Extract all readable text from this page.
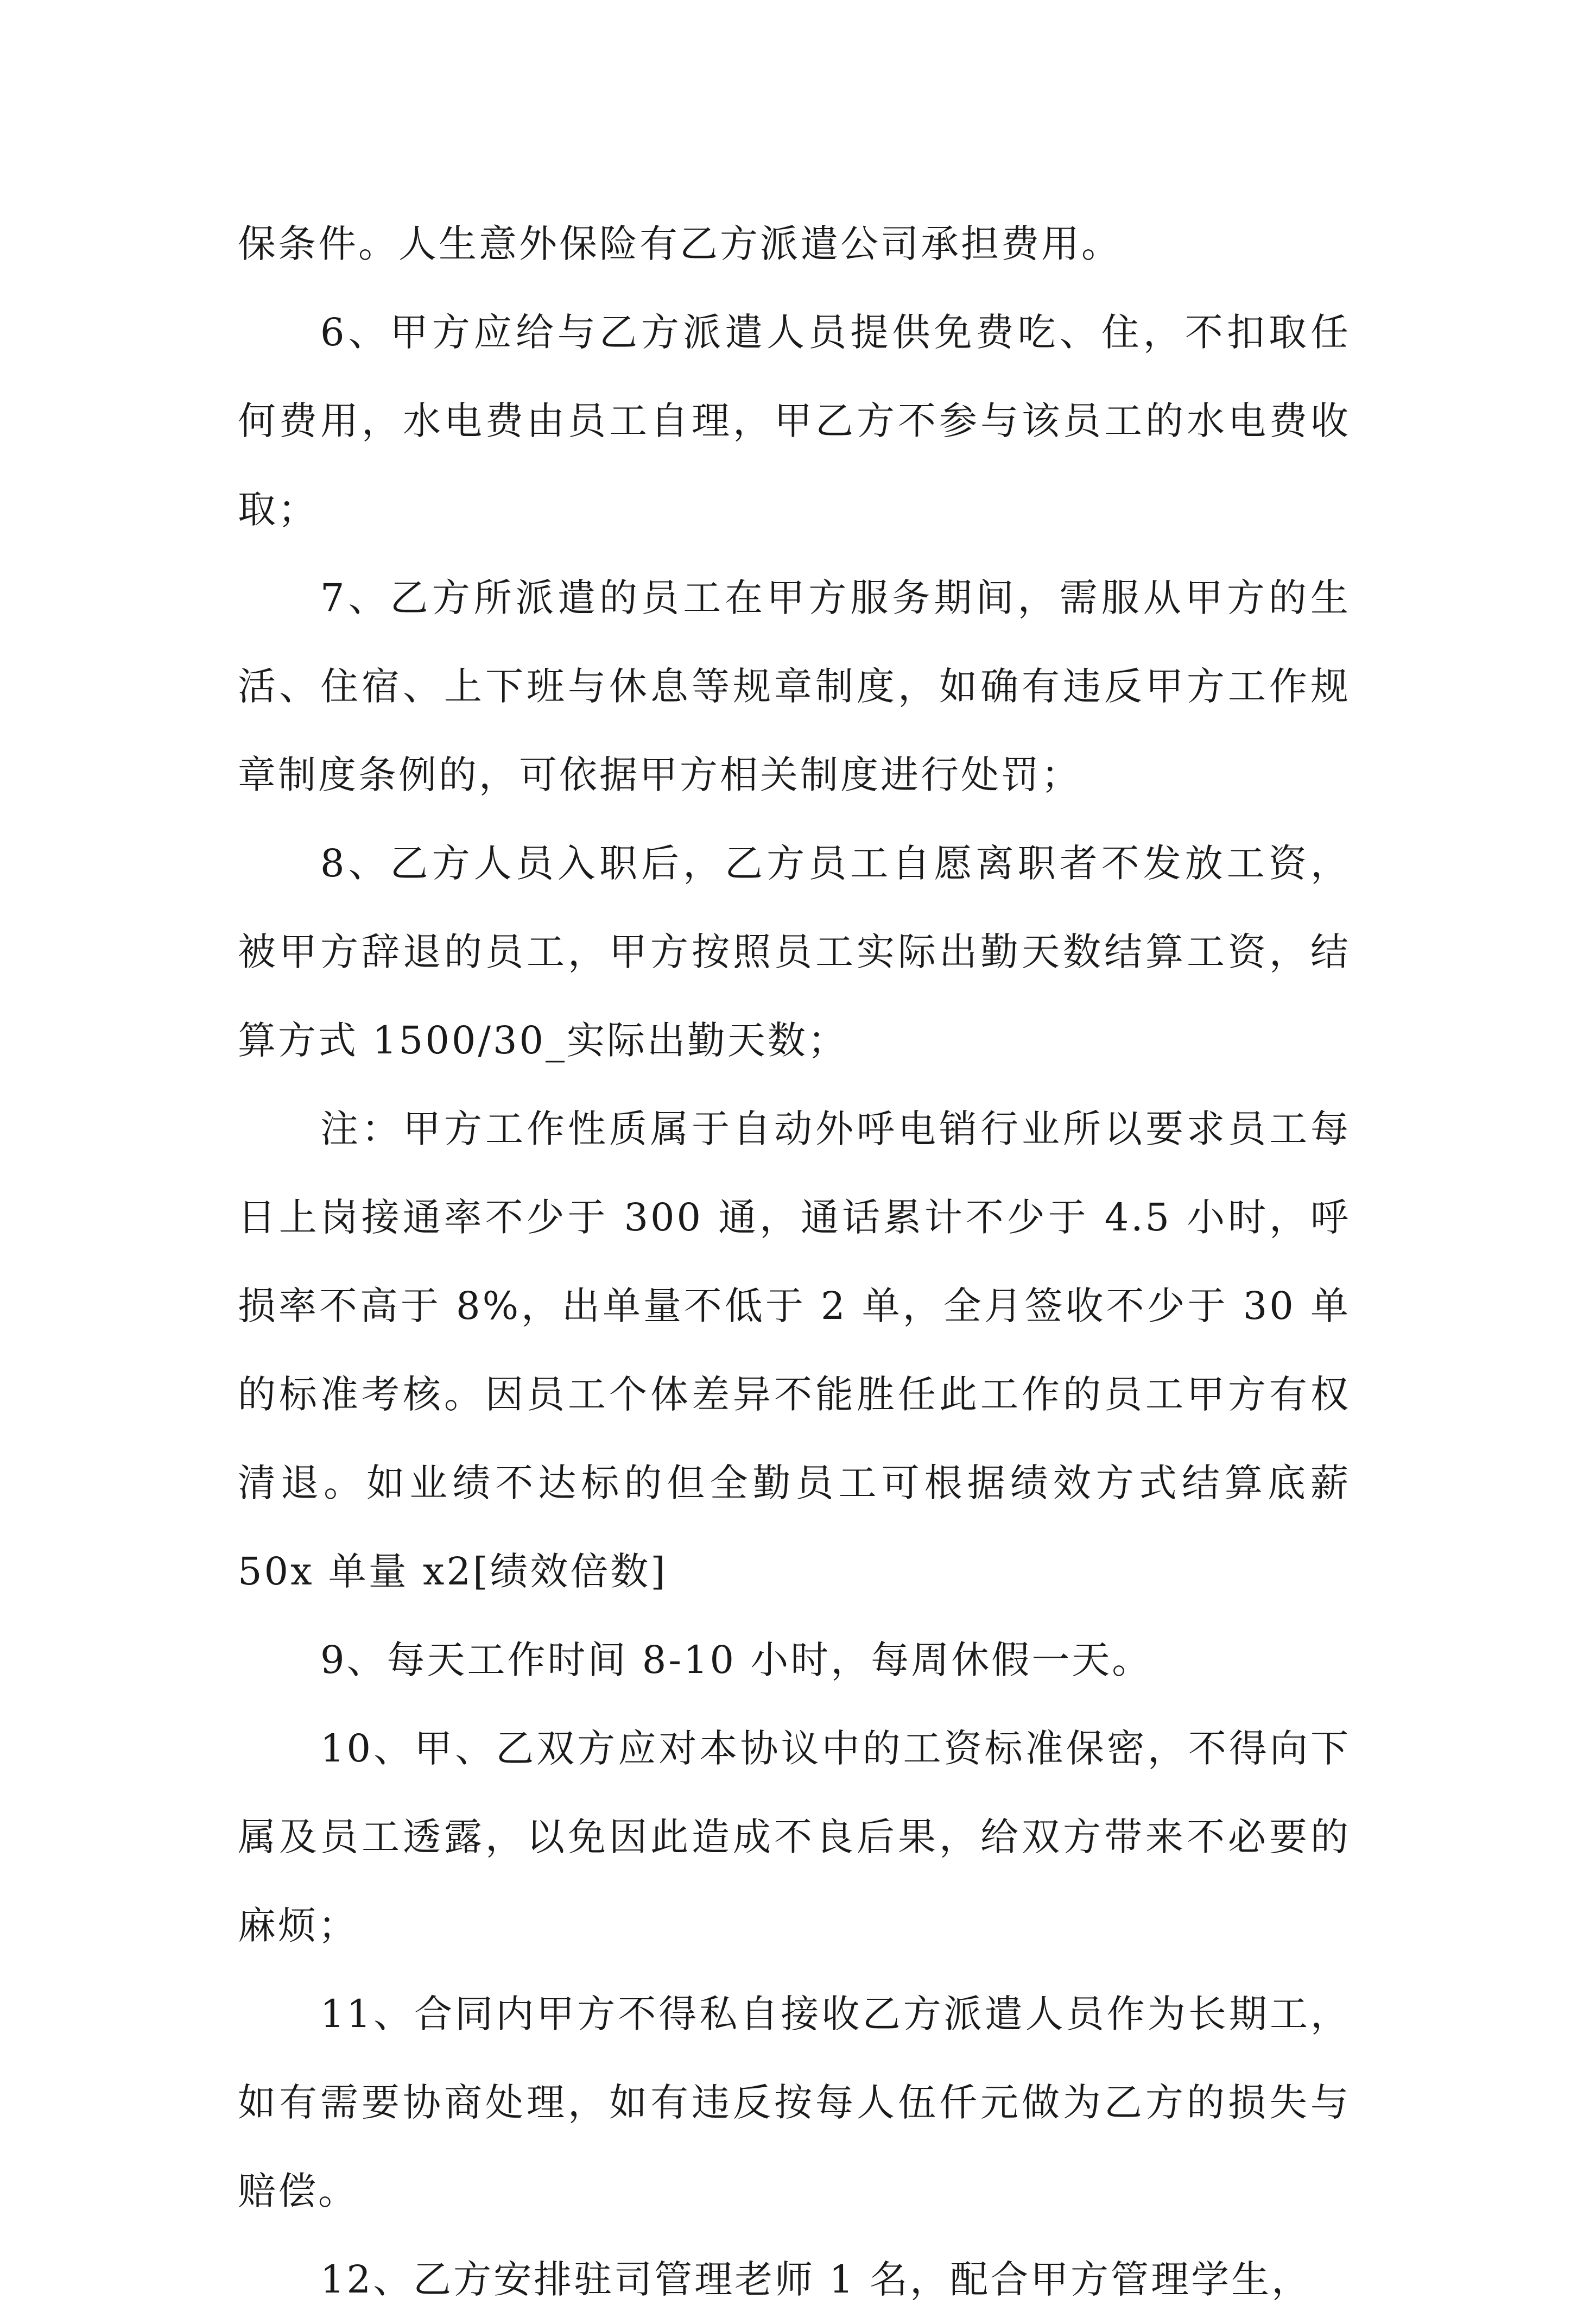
保条件。人生意外保险有乙方派遣公司承担费用。

6、甲方应给与乙方派遣人员提供免费吃、住，不扣取任何费用，水电费由员工自理，甲乙方不参与该员工的水电费收取；

7、乙方所派遣的员工在甲方服务期间，需服从甲方的生活、住宿、上下班与休息等规章制度，如确有违反甲方工作规章制度条例的，可依据甲方相关制度进行处罚；

8、乙方人员入职后，乙方员工自愿离职者不发放工资，被甲方辞退的员工，甲方按照员工实际出勤天数结算工资，结算方式 1500/30_实际出勤天数；

注：甲方工作性质属于自动外呼电销行业所以要求员工每日上岗接通率不少于 300 通，通话累计不少于 4.5 小时，呼损率不高于 8%，出单量不低于 2 单，全月签收不少于 30 单的标准考核。因员工个体差异不能胜任此工作的员工甲方有权清退。如业绩不达标的但全勤员工可根据绩效方式结算底薪 50x 单量 x2[绩效倍数]

9、每天工作时间 8-10 小时，每周休假一天。

10、甲、乙双方应对本协议中的工资标准保密，不得向下属及员工透露，以免因此造成不良后果，给双方带来不必要的麻烦；

11、合同内甲方不得私自接收乙方派遣人员作为长期工，如有需要协商处理，如有违反按每人伍仟元做为乙方的损失与赔偿。

12、乙方安排驻司管理老师 1 名，配合甲方管理学生，
